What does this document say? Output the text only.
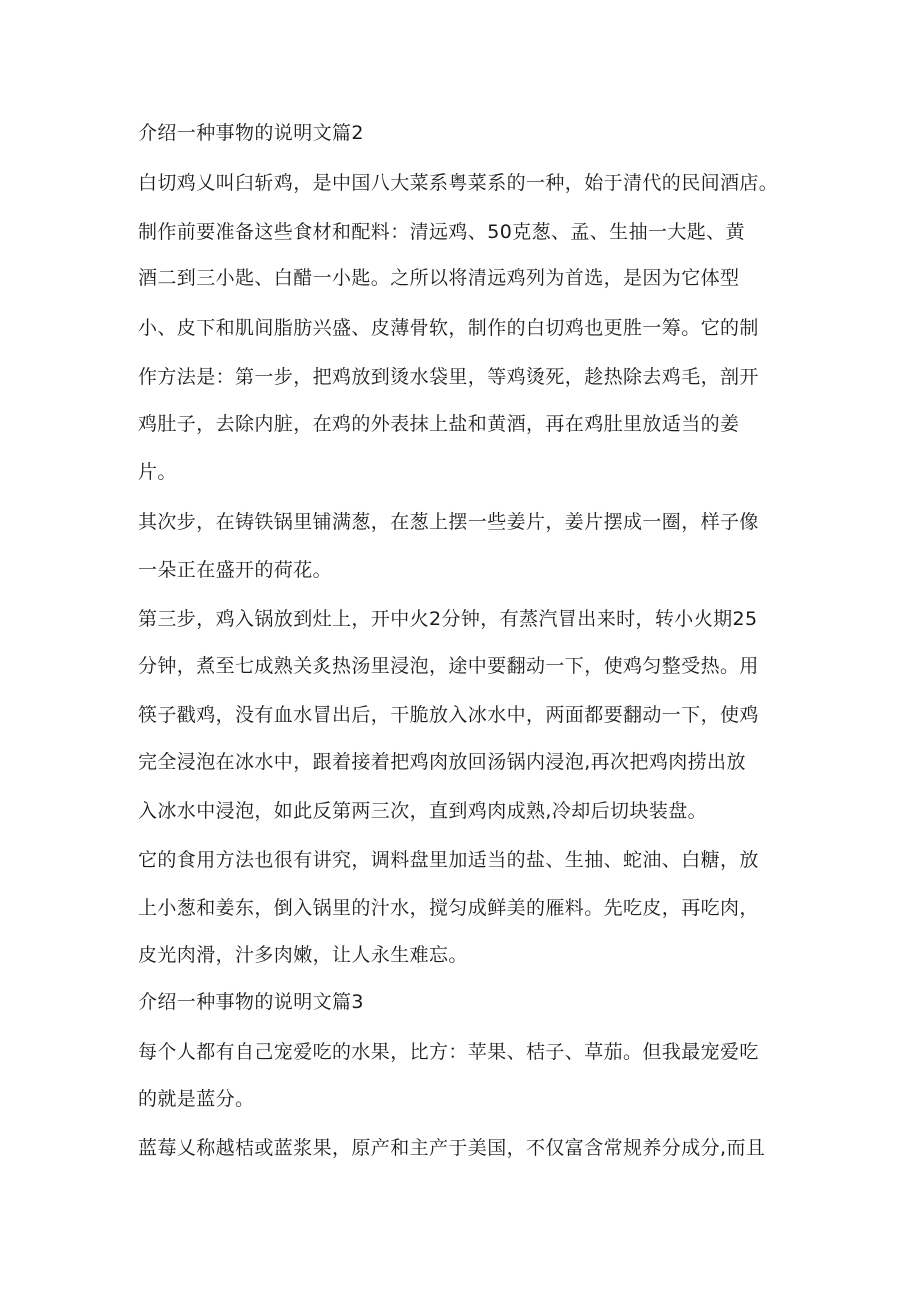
介绍一种事物的说明文篇2
白切鸡乂叫臼斩鸡，是中国八大菜系粤菜系的一种，始于清代的民间酒店。
制作前要准备这些食材和配料：清远鸡、50克葱、孟、生抽一大匙、黄
酒二到三小匙、白醋一小匙。之所以将清远鸡列为首选，是因为它体型
小、皮下和肌间脂肪兴盛、皮薄骨软，制作的白切鸡也更胜一筹。它的制
作方法是：第一步，把鸡放到烫水袋里，等鸡烫死，趁热除去鸡毛，剖开
鸡肚子，去除内脏，在鸡的外表抹上盐和黄酒，再在鸡肚里放适当的姜
片。
其次步，在铸铁锅里铺满葱，在葱上摆一些姜片，姜片摆成一圈，样子像
一朵正在盛开的荷花。
第三步，鸡入锅放到灶上，开中火2分钟，有蒸汽冒出来时，转小火期25
分钟，煮至七成熟关炙热汤里浸泡，途中要翻动一下，使鸡匀整受热。用
筷子戳鸡，没有血水冒出后，干脆放入冰水中，两面都要翻动一下，使鸡
完全浸泡在冰水中，跟着接着把鸡肉放回汤锅内浸泡,再次把鸡肉捞出放
入冰水中浸泡，如此反第两三次，直到鸡肉成熟,冷却后切块装盘。
它的食用方法也很有讲究，调料盘里加适当的盐、生抽、蛇油、白糖，放
上小葱和姜东，倒入锅里的汁水，搅匀成鲜美的雁料。先吃皮，再吃肉，
皮光肉滑，汁多肉嫩，让人永生难忘。
介绍一种事物的说明文篇3
每个人都有自己宠爱吃的水果，比方：苹果、桔子、草茄。但我最宠爱吃
的就是蓝分。
蓝莓乂称越桔或蓝浆果，原产和主产于美国，不仅富含常规养分成分,而且
